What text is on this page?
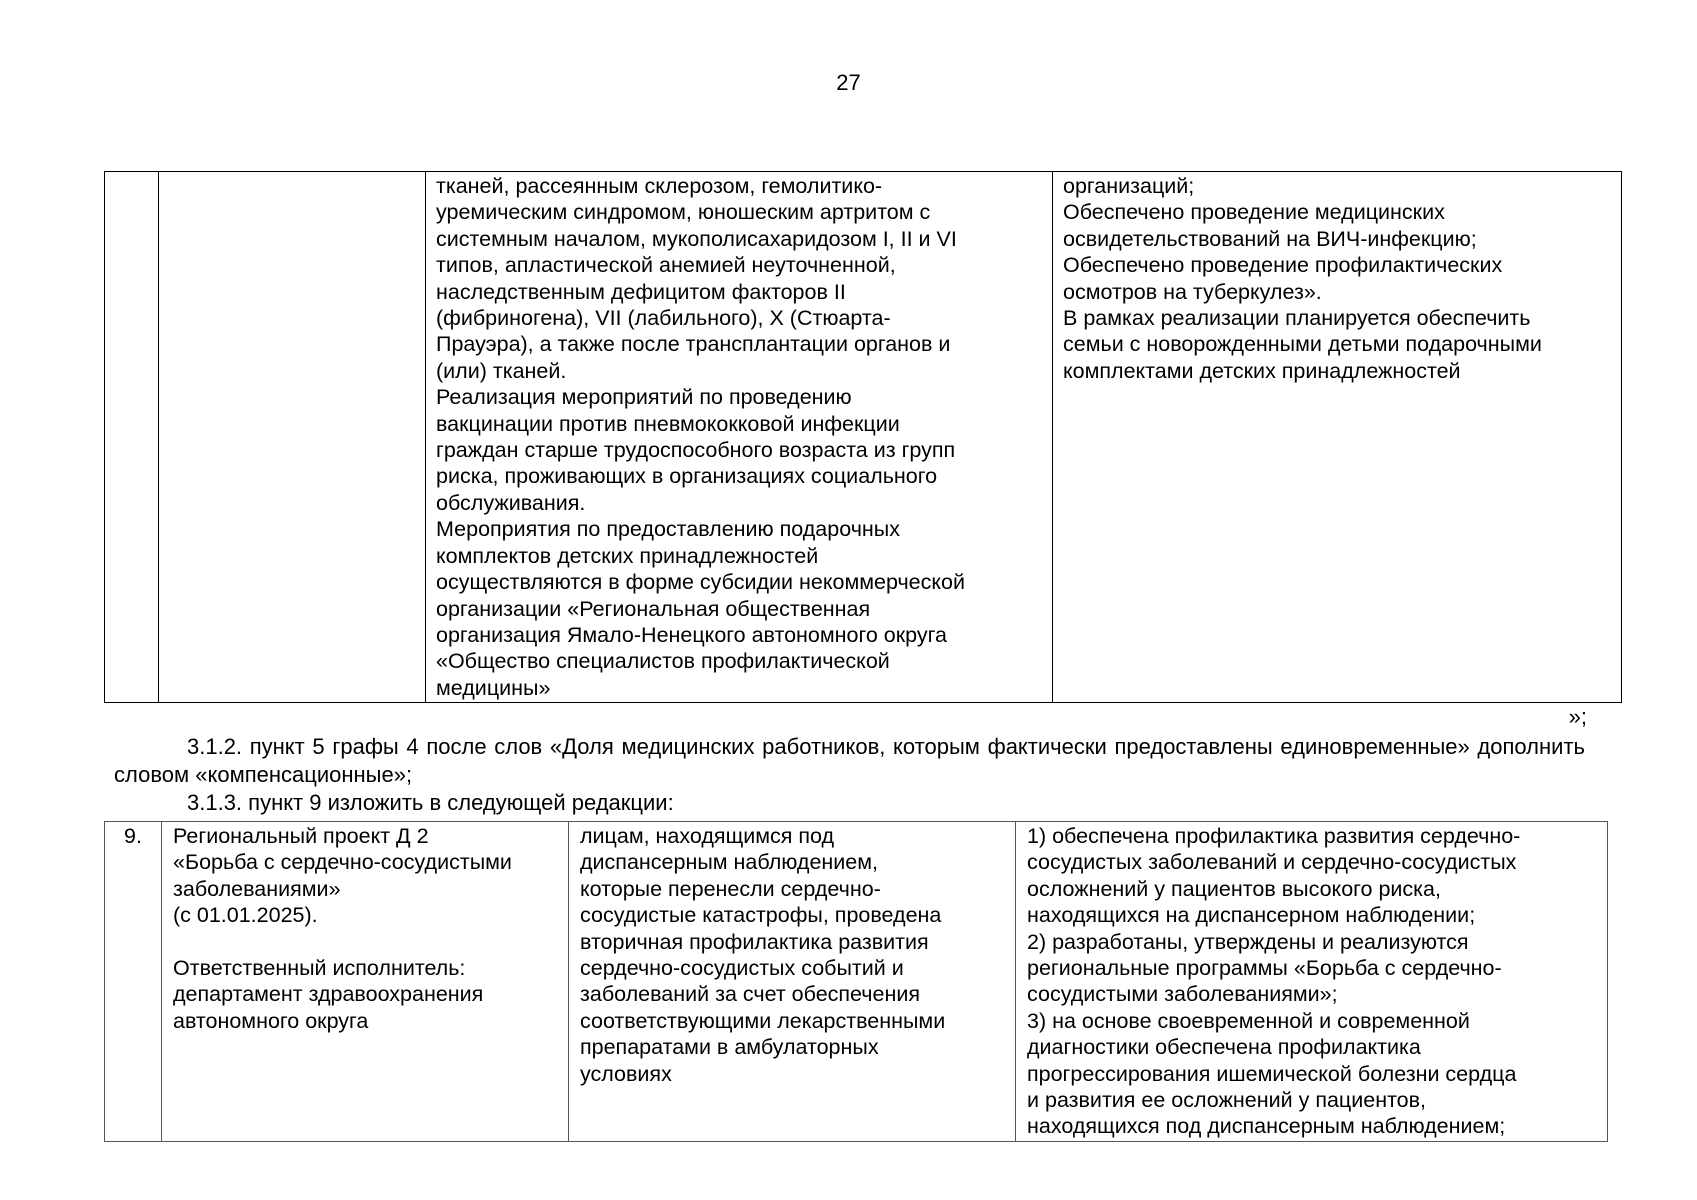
27

тканей, рассеянным склерозом, гемолитико-
уремическим синдромом, юношеским артритом с
системным началом, мукополисахаридозом I, II и VI
типов, апластической анемией неуточненной,
наследственным дефицитом факторов II
(фибриногена), VII (лабильного), X (Стюарта-
Прауэра), а также после трансплантации органов и
(или) тканей.
Реализация мероприятий по проведению
вакцинации против пневмококковой инфекции
граждан старше трудоспособного возраста из групп
риска, проживающих в организациях социального
обслуживания.
Мероприятия по предоставлению подарочных
комплектов детских принадлежностей
осуществляются в форме субсидии некоммерческой
организации «Региональная общественная
организация Ямало-Ненецкого автономного округа
«Общество специалистов профилактической
медицины»

организаций;
Обеспечено проведение медицинских
освидетельствований на ВИЧ-инфекцию;
Обеспечено проведение профилактических
осмотров на туберкулез».
В рамках реализации планируется обеспечить
семьи с новорожденными детьми подарочными
комплектами детских принадлежностей
»;
3.1.2. пункт 5 графы 4 после слов «Доля медицинских работников, которым фактически предоставлены единовременные» дополнить словом «компенсационные»;
3.1.3. пункт 9 изложить в следующей редакции:
9.	Региональный проект Д 2
«Борьба с сердечно-сосудистыми
заболеваниями»
(с 01.01.2025).

Ответственный исполнитель:
департамент здравоохранения
автономного округа

лицам, находящимся под
диспансерным наблюдением,
которые перенесли сердечно-
сосудистые катастрофы, проведена
вторичная профилактика развития
сердечно-сосудистых событий и
заболеваний за счет обеспечения
соответствующими лекарственными
препаратами в амбулаторных
условиях

1) обеспечена профилактика развития сердечно-
сосудистых заболеваний и сердечно-сосудистых
осложнений у пациентов высокого риска,
находящихся на диспансерном наблюдении;
2) разработаны, утверждены и реализуются
региональные программы «Борьба с сердечно-
сосудистыми заболеваниями»;
3) на основе своевременной и современной
диагностики обеспечена профилактика
прогрессирования ишемической болезни сердца
и развития ее осложнений у пациентов,
находящихся под диспансерным наблюдением;
